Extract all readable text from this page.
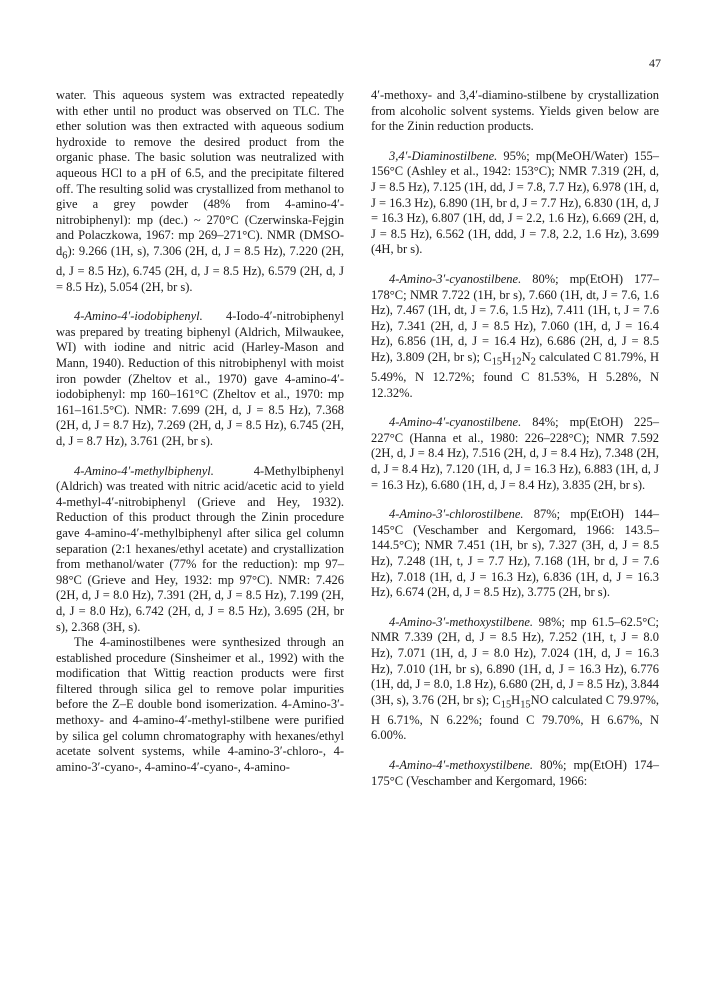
47

water. This aqueous system was extracted repeatedly with ether until no product was observed on TLC. The ether solution was then extracted with aqueous sodium hydroxide to remove the desired product from the organic phase. The basic solution was neutralized with aqueous HCl to a pH of 6.5, and the precipitate filtered off. The resulting solid was crystallized from methanol to give a grey powder (48% from 4-amino-4′-nitrobiphenyl): mp (dec.) ~ 270°C (Czerwinska-Fejgin and Polaczkowa, 1967: mp 269–271°C). NMR $(DMSO-d_6)$: 9.266 (1H, s), 7.306 (2H, d, J = 8.5 Hz), 7.220 (2H, d, J = 8.5 Hz), 6.745 (2H, d, J = 8.5 Hz), 6.579 (2H, d, J = 8.5 Hz), 5.054 (2H, br s).

4-Amino-4′-iodobiphenyl. 4-Iodo-4′-nitrobiphenyl was prepared by treating biphenyl (Aldrich, Milwaukee, WI) with iodine and nitric acid (Harley-Mason and Mann, 1940). Reduction of this nitrobiphenyl with moist iron powder (Zheltov et al., 1970) gave 4-amino-4′-iodobiphenyl: mp 160–161°C (Zheltov et al., 1970: mp 161–161.5°C). NMR: 7.699 (2H, d, J = 8.5 Hz), 7.368 (2H, d, J = 8.7 Hz), 7.269 (2H, d, J = 8.5 Hz), 6.745 (2H, d, J = 8.7 Hz), 3.761 (2H, br s).

4-Amino-4′-methylbiphenyl.	4-Methylbiphenyl (Aldrich) was treated with nitric acid/acetic acid to yield 4-methyl-4′-nitrobiphenyl (Grieve and Hey, 1932). Reduction of this product through the Zinin procedure gave 4-amino-4′-methylbiphenyl after silica gel column separation (2:1 hexanes/ethyl acetate) and crystallization from methanol/water (77% for the reduction): mp 97–98°C (Grieve and Hey, 1932: mp 97°C). NMR: 7.426 (2H, d, J = 8.0 Hz), 7.391 (2H, d, J = 8.5 Hz), 7.199 (2H, d, J = 8.0 Hz), 6.742 (2H, d, J = 8.5 Hz), 3.695 (2H, br s), 2.368 (3H, s).

The 4-aminostilbenes were synthesized through an established procedure (Sinsheimer et al., 1992) with the modification that Wittig reaction products were first filtered through silica gel to remove polar impurities before the Z–E double bond isomerization. 4-Amino-3′-methoxy- and 4-amino-4′-methyl-stilbene were purified by silica gel column chromatography with hexanes/ethyl acetate solvent systems, while 4-amino-3′-chloro-, 4-amino-3′-cyano-, 4-amino-4′-cyano-, 4-amino-

4′-methoxy- and 3,4′-diamino-stilbene by crystallization from alcoholic solvent systems. Yields given below are for the Zinin reduction products.

3,4′-Diaminostilbene. 95%; mp(MeOH/Water) 155–156°C (Ashley et al., 1942: 153°C); NMR 7.319 (2H, d, J = 8.5 Hz), 7.125 (1H, dd, J = 7.8, 7.7 Hz), 6.978 (1H, d, J = 16.3 Hz), 6.890 (1H, br d, J = 7.7 Hz), 6.830 (1H, d, J = 16.3 Hz), 6.807 (1H, dd, J = 2.2, 1.6 Hz), 6.669 (2H, d, J = 8.5 Hz), 6.562 (1H, ddd, J = 7.8, 2.2, 1.6 Hz), 3.699 (4H, br s).

4-Amino-3′-cyanostilbene. 80%; mp(EtOH) 177–178°C; NMR 7.722 (1H, br s), 7.660 (1H, dt, J = 7.6, 1.6 Hz), 7.467 (1H, dt, J = 7.6, 1.5 Hz), 7.411 (1H, t, J = 7.6 Hz), 7.341 (2H, d, J = 8.5 Hz), 7.060 (1H, d, J = 16.4 Hz), 6.856 (1H, d, J = 16.4 Hz), 6.686 (2H, d, J = 8.5 Hz), 3.809 (2H, br s); $C_{15}H_{12}N_2$ calculated C 81.79%, H 5.49%, N 12.72%; found C 81.53%, H 5.28%, N 12.32%.

4-Amino-4′-cyanostilbene. 84%; mp(EtOH) 225–227°C (Hanna et al., 1980: 226–228°C); NMR 7.592 (2H, d, J = 8.4 Hz), 7.516 (2H, d, J = 8.4 Hz), 7.348 (2H, d, J = 8.4 Hz), 7.120 (1H, d, J = 16.3 Hz), 6.883 (1H, d, J = 16.3 Hz), 6.680 (1H, d, J = 8.4 Hz), 3.835 (2H, br s).

4-Amino-3′-chlorostilbene. 87%; mp(EtOH) 144–145°C (Veschamber and Kergomard, 1966: 143.5–144.5°C); NMR 7.451 (1H, br s), 7.327 (3H, d, J = 8.5 Hz), 7.248 (1H, t, J = 7.7 Hz), 7.168 (1H, br d, J = 7.6 Hz), 7.018 (1H, d, J = 16.3 Hz), 6.836 (1H, d, J = 16.3 Hz), 6.674 (2H, d, J = 8.5 Hz), 3.775 (2H, br s).

4-Amino-3′-methoxystilbene. 98%; mp 61.5–62.5°C; NMR 7.339 (2H, d, J = 8.5 Hz), 7.252 (1H, t, J = 8.0 Hz), 7.071 (1H, d, J = 8.0 Hz), 7.024 (1H, d, J = 16.3 Hz), 7.010 (1H, br s), 6.890 (1H, d, J = 16.3 Hz), 6.776 (1H, dd, J = 8.0, 1.8 Hz), 6.680 (2H, d, J = 8.5 Hz), 3.844 (3H, s), 3.76 (2H, br s); $C_{15}H_{15}NO$ calculated C 79.97%, H 6.71%, N 6.22%; found C 79.70%, H 6.67%, N 6.00%.

4-Amino-4′-methoxystilbene. 80%; mp(EtOH) 174–175°C (Veschamber and Kergomard, 1966:
